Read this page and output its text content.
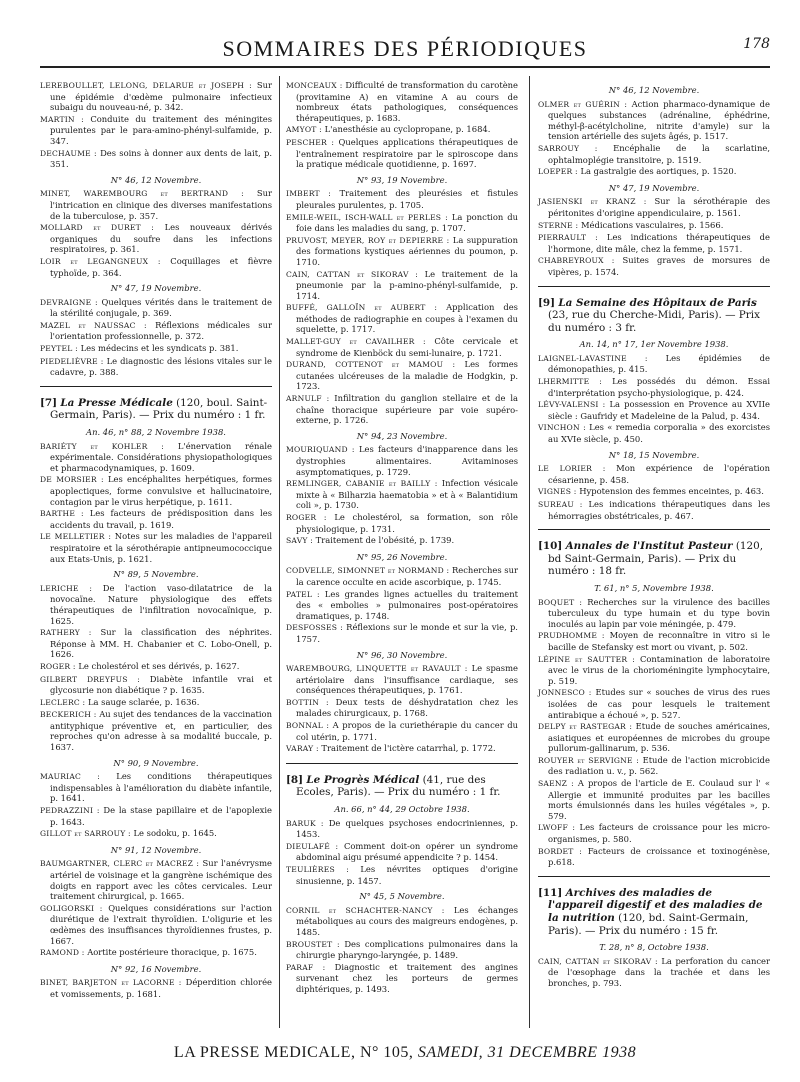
SOMMAIRES DES PÉRIODIQUES	178
LEREBOULLET, LELONG, DELARUE et JOSEPH : Sur une épidémie d'œdème pulmonaire infectieux subaigu du nouveau-né, p. 342.
MARTIN : Conduite du traitement des méningites purulentes par le para-amino-phényl-sulfamide, p. 347.
DECHAUME : Des soins à donner aux dents de lait, p. 351.
N° 46, 12 Novembre.
MINET, WAREMBOURG et BERTRAND : Sur l'intrication en clinique des diverses manifestations de la tuberculose, p. 357.
MOLLARD et DURET : Les nouveaux dérivés organiques du soufre dans les infections respiratoires, p. 361.
LOIR et LEGANGNEUX : Coquillages et fièvre typhoïde, p. 364.
N° 47, 19 Novembre.
DEVRAIGNE : Quelques vérités dans le traitement de la stérilité conjugale, p. 369.
MAZEL et NAUSSAC : Réflexions médicales sur l'orientation professionnelle, p. 372.
PEYTEL : Les médecins et les syndicats p. 381.
PIEDELIÈVRE : Le diagnostic des lésions vitales sur le cadavre, p. 388.
[7] La Presse Médicale (120, boul. Saint-Germain, Paris). — Prix du numéro : 1 fr.
An. 46, n° 88, 2 Novembre 1938.
BARIÉTY et KOHLER : L'énervation rénale expérimentale. Considérations physiopathologiques et pharmacodynamiques, p. 1609.
DE MORSIER : Les encéphalites herpétiques, formes apoplectiques, forme convulsive et hallucinatoire, contagion par le virus herpétique, p. 1611.
BARTHE : Les facteurs de prédisposition dans les accidents du travail, p. 1619.
LE MELLETIER : Notes sur les maladies de l'appareil respiratoire et la sérothérapie antipneumococcique aux Etats-Unis, p. 1621.
N° 89, 5 Novembre.
LERICHE : De l'action vaso-dilatatrice de la novocaïne. Nature physiologique des effets thérapeutiques de l'infiltration novocaïnique, p. 1625.
RATHERY : Sur la classification des néphrites. Réponse à MM. H. Chabanier et C. Lobo-Onell, p. 1626.
ROGER : Le cholestérol et ses dérivés, p. 1627.
GILBERT DREYFUS : Diabète infantile vrai et glycosurie non diabétique ? p. 1635.
LECLERC : La sauge sclarée, p. 1636.
BECKERICH : Au sujet des tendances de la vaccination antityphique préventive et, en particulier, des reproches qu'on adresse à sa modalité buccale, p. 1637.
N° 90, 9 Novembre.
MAURIAC : Les conditions thérapeutiques indispensables à l'amélioration du diabète infantile, p. 1641.
PEDRAZZINI : De la stase papillaire et de l'apoplexie p. 1643.
GILLOT et SARROUY : Le sodoku, p. 1645.
N° 91, 12 Novembre.
BAUMGARTNER, CLERC et MACREZ : Sur l'anévrysme artériel de voisinage et la gangrène ischémique des doigts en rapport avec les côtes cervicales. Leur traitement chirurgical, p. 1665.
GOLIGORSKI : Quelques considérations sur l'action diurétique de l'extrait thyroïdien. L'oligurie et les œdèmes des insuffisances thyroïdiennes frustes, p. 1667.
RAMOND : Aortite postérieure thoracique, p. 1675.
N° 92, 16 Novembre.
BINET, BARJETON et LACORNE : Déperdition chlorée et vomissements, p. 1681.
MONCEAUX : Difficulté de transformation du carotène (provitamine A) en vitamine A au cours de nombreux états pathologiques, conséquences thérapeutiques, p. 1683.
AMYOT : L'anesthésie au cyclopropane, p. 1684.
PESCHER : Quelques applications thérapeutiques de l'entraînement respiratoire par le spiroscope dans la pratique médicale quotidienne, p. 1697.
N° 93, 19 Novembre.
IMBERT : Traitement des pleurésies et fistules pleurales purulentes, p. 1705.
EMILE-WEIL, ISCH-WALL et PERLES : La ponction du foie dans les maladies du sang, p. 1707.
PRUVOST, MEYER, ROY et DEPIERRE : La suppuration des formations kystiques aériennes du poumon, p. 1710.
CAIN, CATTAN et SIKORAV : Le traitement de la pneumonie par la p-amino-phényl-sulfamide, p. 1714.
BUFFÉ, GALLOÏN et AUBERT : Application des méthodes de radiographie en coupes à l'examen du squelette, p. 1717.
MALLET-GUY et CAVAILHER : Côte cervicale et syndrome de Kienböck du semi-lunaire, p. 1721.
DURAND, COTTENOT et MAMOU : Les formes cutanées ulcéreuses de la maladie de Hodgkin, p. 1723.
ARNULF : Infiltration du ganglion stellaire et de la chaîne thoracique supérieure par voie supéro-externe, p. 1726.
N° 94, 23 Novembre.
MOURIQUAND : Les facteurs d'inapparence dans les dystrophies alimentaires. Avitaminoses asymptomatiques, p. 1729.
REMLINGER, CABANIE et BAILLY : Infection vésicale mixte à « Bilharzia haematobia » et à « Balantidium coli », p. 1730.
ROGER : Le cholestérol, sa formation, son rôle physiologique, p. 1731.
SAVY : Traitement de l'obésité, p. 1739.
N° 95, 26 Novembre.
CODVELLE, SIMONNET et NORMAND : Recherches sur la carence occulte en acide ascorbique, p. 1745.
PATEL : Les grandes lignes actuelles du traitement des « embolies » pulmonaires post-opératoires dramatiques, p. 1748.
DESFOSSES : Réflexions sur le monde et sur la vie, p. 1757.
N° 96, 30 Novembre.
WAREMBOURG, LINQUETTE et RAVAULT : Le spasme artériolaire dans l'insuffisance cardiaque, ses conséquences thérapeutiques, p. 1761.
BOTTIN : Deux tests de déshydratation chez les malades chirurgicaux, p. 1768.
BONNAL : A propos de la curiethérapie du cancer du col utérin, p. 1771.
VARAY : Traitement de l'ictère catarrhal, p. 1772.
[8] Le Progrès Médical (41, rue des Ecoles, Paris). — Prix du numéro : 1 fr.
An. 66, n° 44, 29 Octobre 1938.
BARUK : De quelques psychoses endocriniennes, p. 1453.
DIEULAFÉ : Comment doit-on opérer un syndrome abdominal aigu présumé appendicite ? p. 1454.
TEULIÈRES : Les névrites optiques d'origine sinusienne, p. 1457.
N° 45, 5 Novembre.
CORNIL et SCHACHTER-NANCY : Les échanges métaboliques au cours des maigreurs endogènes, p. 1485.
BROUSTET : Des complications pulmonaires dans la chirurgie pharyngo-laryngée, p. 1489.
PARAF : Diagnostic et traitement des angines survenant chez les porteurs de germes diphtériques, p. 1493.
N° 46, 12 Novembre.
OLMER et GUÉRIN : Action pharmaco-dynamique de quelques substances (adrénaline, éphédrine, méthyl-β-acétylcholine, nitrite d'amyle) sur la tension artérielle des sujets âgés, p. 1517.
SARROUY : Encéphalie de la scarlatine, ophtalmoplégie transitoire, p. 1519.
LOEPER : La gastralgie des aortiques, p. 1520.
N° 47, 19 Novembre.
JASIENSKI et KRANZ : Sur la sérothérapie des péritonites d'origine appendiculaire, p. 1561.
STERNE : Médications vasculaires, p. 1566.
PIERRAULT : Les indications thérapeutiques de l'hormone, dite mâle, chez la femme, p. 1571.
CHABREYROUX : Suites graves de morsures de vipères, p. 1574.
[9] La Semaine des Hôpitaux de Paris (23, rue du Cherche-Midi, Paris). — Prix du numéro : 3 fr.
An. 14, n° 17, 1er Novembre 1938.
LAIGNEL-LAVASTINE : Les épidémies de démonopathies, p. 415.
LHERMITTE : Les possédés du démon. Essai d'interprétation psycho-physiologique, p. 424.
LÉVY-VALENSI : La possession en Provence au XVIIe siècle : Gaufridy et Madeleine de la Palud, p. 434.
VINCHON : Les « remedia corporalia » des exorcistes au XVIe siècle, p. 450.
N° 18, 15 Novembre.
LE LORIER : Mon expérience de l'opération césarienne, p. 458.
VIGNES : Hypotension des femmes enceintes, p. 463.
SUREAU : Les indications thérapeutiques dans les hémorragies obstétricales, p. 467.
[10] Annales de l'Institut Pasteur (120, bd Saint-Germain, Paris). — Prix du numéro : 18 fr.
T. 61, n° 5, Novembre 1938.
BOQUET : Recherches sur la virulence des bacilles tuberculeux du type humain et du type bovin inoculés au lapin par voie méningée, p. 479.
PRUDHOMME : Moyen de reconnaître in vitro si le bacille de Stefansky est mort ou vivant, p. 502.
LÉPINE et SAUTTER : Contamination de laboratoire avec le virus de la chorioméningite lymphocytaire, p. 519.
JONNESCO : Etudes sur « souches de virus des rues isolées de cas pour lesquels le traitement antirabique a échoué », p. 527.
DELPY et RASTEGAR : Etude de souches américaines, asiatiques et européennes de microbes du groupe pullorum-gallinarum, p. 536.
ROUYER et SERVIGNE : Etude de l'action microbicide des radiation u. v., p. 562.
SAENZ : A propos de l'article de E. Coulaud sur l' « Allergie et immunité produites par les bacilles morts émulsionnés dans les huiles végétales », p. 579.
LWOFF : Les facteurs de croissance pour les micro-organismes, p. 580.
BORDET : Facteurs de croissance et toxinogénèse, p.618.
[11] Archives des maladies de l'appareil digestif et des maladies de la nutrition (120, bd. Saint-Germain, Paris). — Prix du numéro : 15 fr.
T. 28, n° 8, Octobre 1938.
CAIN, CATTAN et SIKORAV : La perforation du cancer de l'œsophage dans la trachée et dans les bronches, p. 793.
LA PRESSE MEDICALE, N° 105, SAMEDI, 31 DECEMBRE 1938
